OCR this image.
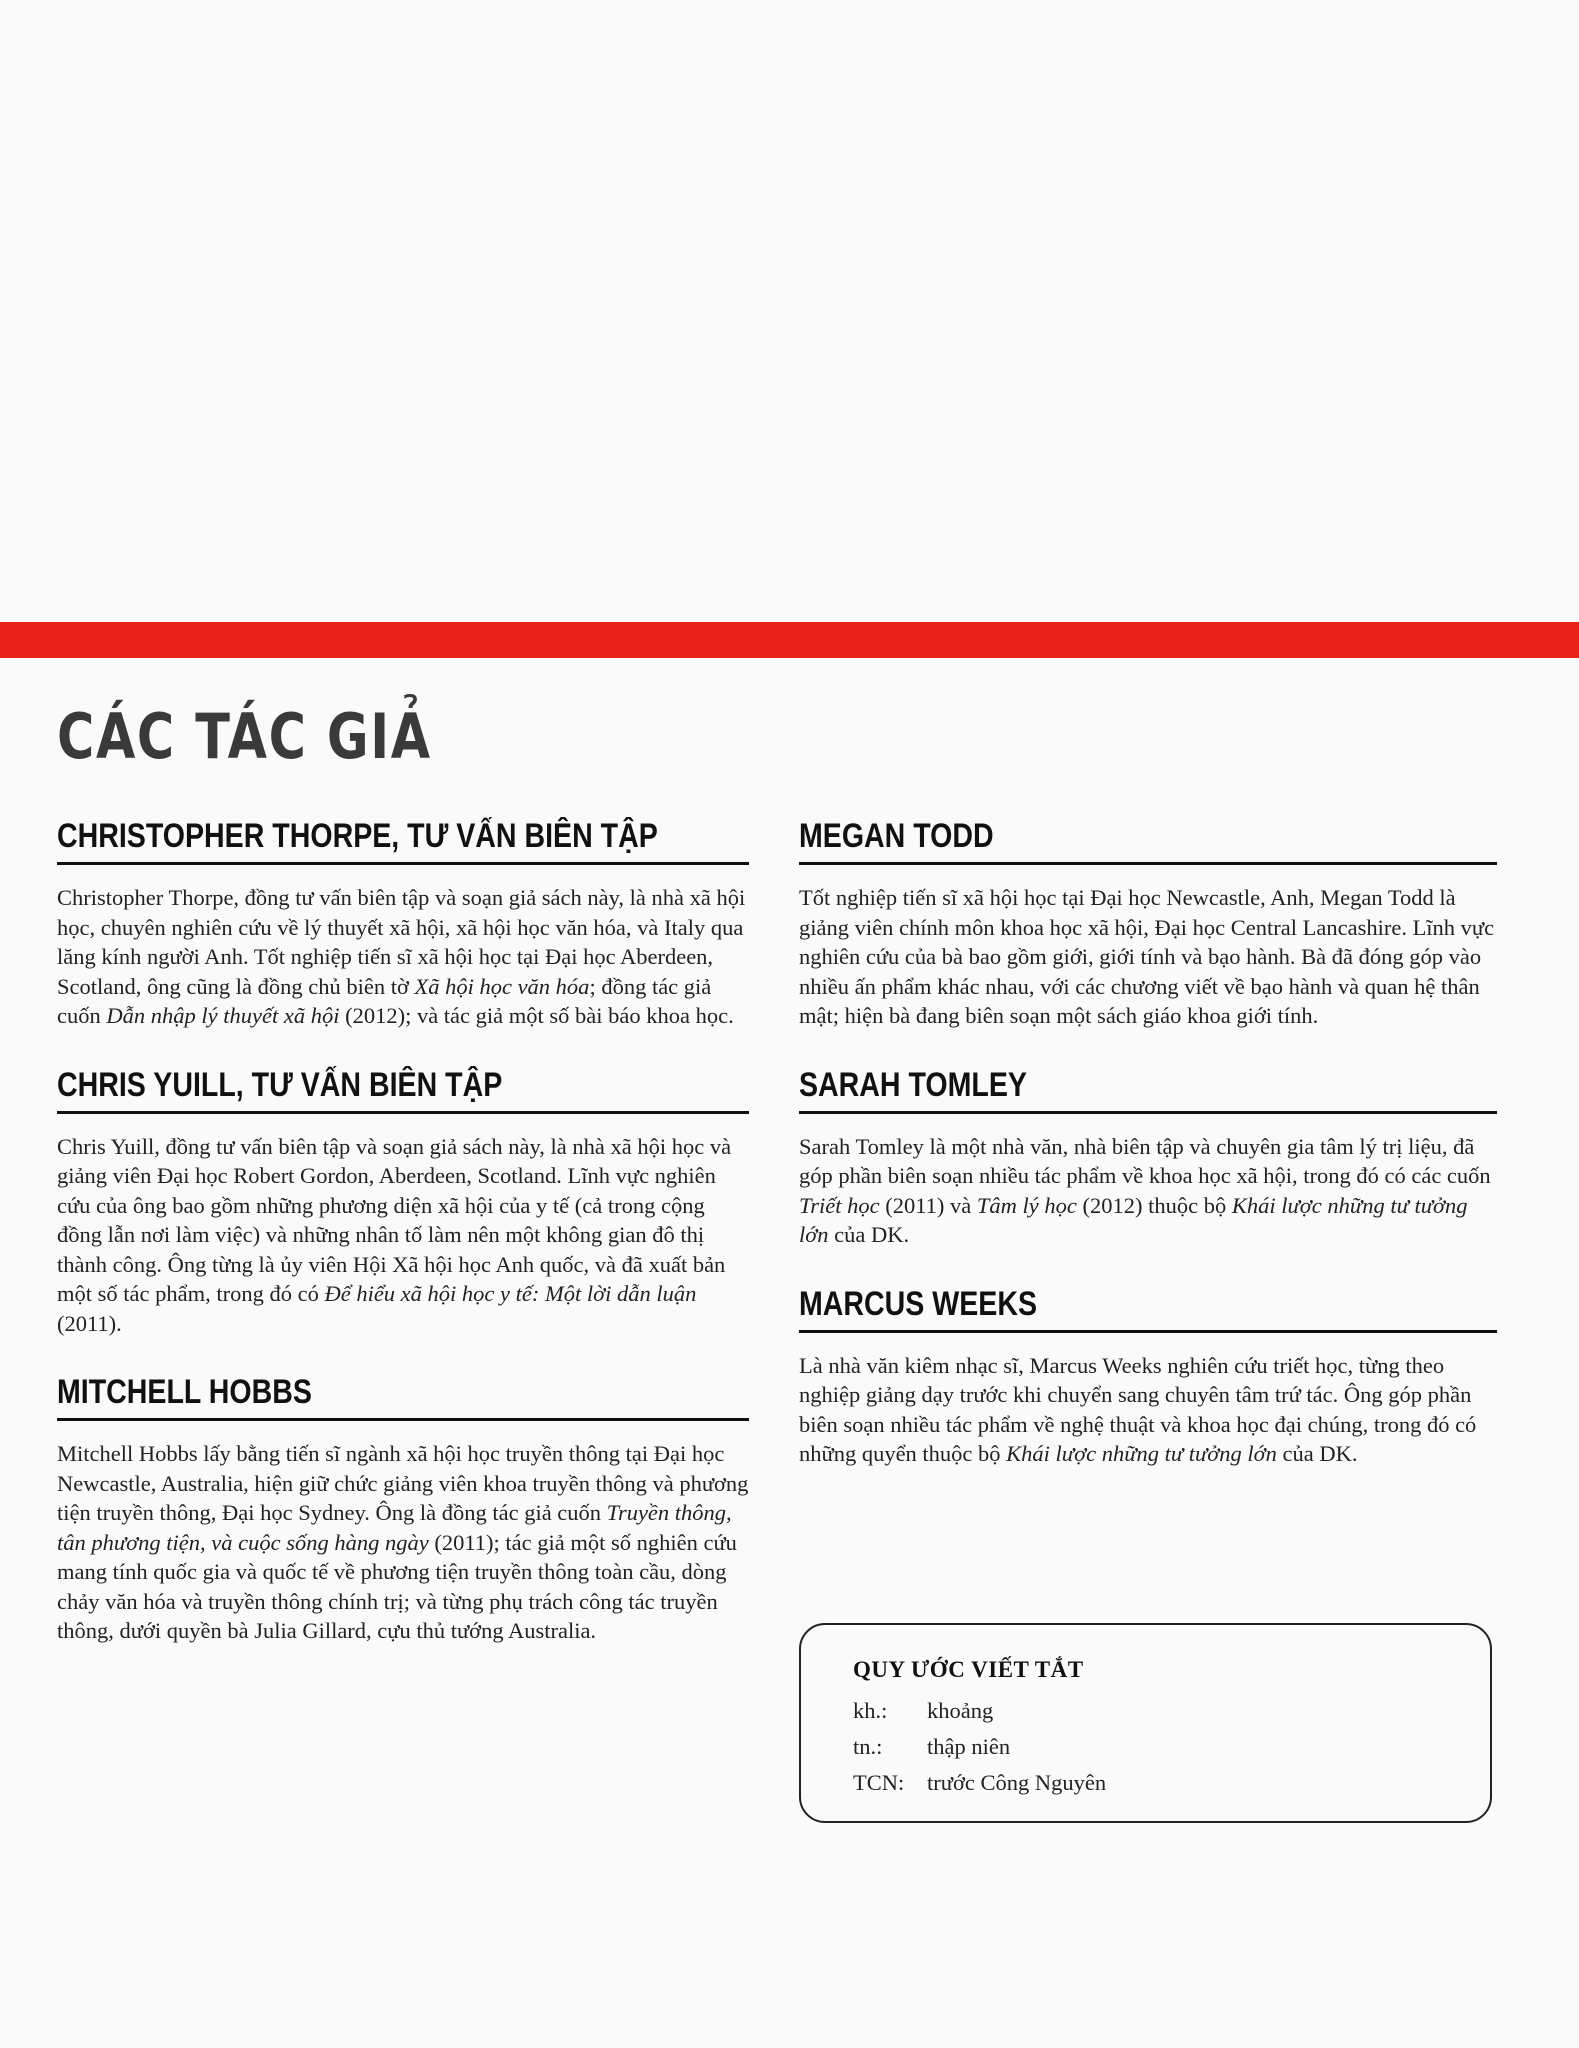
CÁC TÁC GIẢ
CHRISTOPHER THORPE, TƯ VẤN BIÊN TẬP

Christopher Thorpe, đồng tư vấn biên tập và soạn giả sách này, là nhà xã hội học, chuyên nghiên cứu về lý thuyết xã hội, xã hội học văn hóa, và Italy qua lăng kính người Anh. Tốt nghiệp tiến sĩ xã hội học tại Đại học Aberdeen, Scotland, ông cũng là đồng chủ biên tờ Xã hội học văn hóa; đồng tác giả cuốn Dẫn nhập lý thuyết xã hội (2012); và tác giả một số bài báo khoa học.

CHRIS YUILL, TƯ VẤN BIÊN TẬP

Chris Yuill, đồng tư vấn biên tập và soạn giả sách này, là nhà xã hội học và giảng viên Đại học Robert Gordon, Aberdeen, Scotland. Lĩnh vực nghiên cứu của ông bao gồm những phương diện xã hội của y tế (cả trong cộng đồng lẫn nơi làm việc) và những nhân tố làm nên một không gian đô thị thành công. Ông từng là ủy viên Hội Xã hội học Anh quốc, và đã xuất bản một số tác phẩm, trong đó có Để hiểu xã hội học y tế: Một lời dẫn luận (2011).

MITCHELL HOBBS

Mitchell Hobbs lấy bằng tiến sĩ ngành xã hội học truyền thông tại Đại học Newcastle, Australia, hiện giữ chức giảng viên khoa truyền thông và phương tiện truyền thông, Đại học Sydney. Ông là đồng tác giả cuốn Truyền thông, tân phương tiện, và cuộc sống hàng ngày (2011); tác giả một số nghiên cứu mang tính quốc gia và quốc tế về phương tiện truyền thông toàn cầu, dòng chảy văn hóa và truyền thông chính trị; và từng phụ trách công tác truyền thông, dưới quyền bà Julia Gillard, cựu thủ tướng Australia.

MEGAN TODD

Tốt nghiệp tiến sĩ xã hội học tại Đại học Newcastle, Anh, Megan Todd là giảng viên chính môn khoa học xã hội, Đại học Central Lancashire. Lĩnh vực nghiên cứu của bà bao gồm giới, giới tính và bạo hành. Bà đã đóng góp vào nhiều ấn phẩm khác nhau, với các chương viết về bạo hành và quan hệ thân mật; hiện bà đang biên soạn một sách giáo khoa giới tính.

SARAH TOMLEY

Sarah Tomley là một nhà văn, nhà biên tập và chuyên gia tâm lý trị liệu, đã góp phần biên soạn nhiều tác phẩm về khoa học xã hội, trong đó có các cuốn Triết học (2011) và Tâm lý học (2012) thuộc bộ Khái lược những tư tưởng lớn của DK.

MARCUS WEEKS

Là nhà văn kiêm nhạc sĩ, Marcus Weeks nghiên cứu triết học, từng theo nghiệp giảng dạy trước khi chuyển sang chuyên tâm trứ tác. Ông góp phần biên soạn nhiều tác phẩm về nghệ thuật và khoa học đại chúng, trong đó có những quyển thuộc bộ Khái lược những tư tưởng lớn của DK.

QUY ƯỚC VIẾT TẮT

kh.:	khoảng
tn.:	thập niên
TCN:	trước Công Nguyên
